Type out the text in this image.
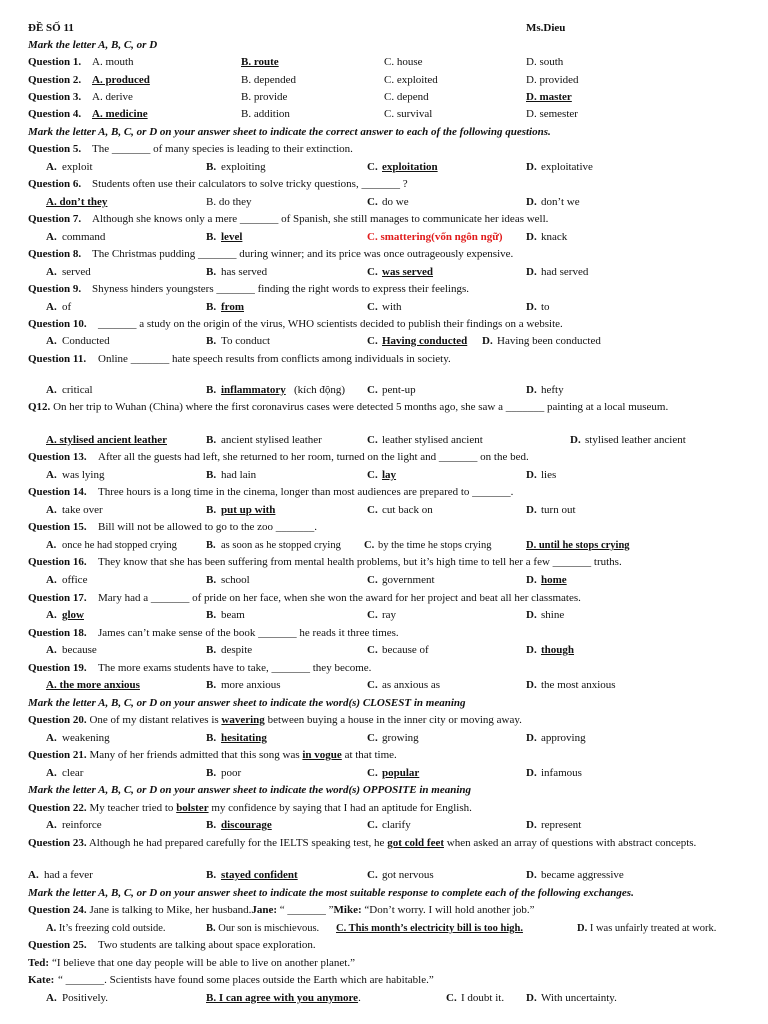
ĐỀ SỐ 11	Ms.Dieu
Mark the letter A, B, C, or D
Question 1. A. mouth	B. route	C. house	D. south
Question 2. A. produced	B. depended	C. exploited	D. provided
Question 3. A. derive	B. provide	C. depend	D. master
Question 4. A. medicine	B. addition	C. survival	D. semester
Mark the letter A, B, C, or D on your answer sheet to indicate the correct answer to each of the following questions.
Question 5. The _______ of many species is leading to their extinction.
A. exploit	B. exploiting	C. exploitation	D. exploitative
Question 6. Students often use their calculators to solve tricky questions, _______ ?
A. don’t they	B. do they	C. do we	D. don’t we
Question 7. Although she knows only a mere _______ of Spanish, she still manages to communicate her ideas well.
A. command	B. level	C. smattering(vốn ngôn ngữ) D. knack
Question 8. The Christmas pudding _______ during winner; and its price was once outrageously expensive.
A. served	B. has served	C. was served	D. had served
Question 9. Shyness hinders youngsters _______ finding the right words to express their feelings.
A. of	B. from	C. with	D. to
Question 10. _______ a study on the origin of the virus, WHO scientists decided to publish their findings on a website.
A. Conducted	B. To conduct	C. Having conducted D. Having been conducted
Question 11. Online _______ hate speech results from conflicts among individuals in society.
A. critical	B. inflammatory (kích động) C. pent-up	D. hefty
Q12. On her trip to Wuhan (China) where the first coronavirus cases were detected 5 months ago, she saw a _______ painting at a local museum.
A. stylised ancient leather	B. ancient stylised leather	C. leather stylised ancient	D. stylised leather ancient
Question 13. After all the guests had left, she returned to her room, turned on the light and _______ on the bed.
A. was lying	B. had lain	C. lay	D. lies
Question 14. Three hours is a long time in the cinema, longer than most audiences are prepared to _______.
A. take over	B. put up with	C. cut back on	D. turn out
Question 15. Bill will not be allowed to go to the zoo _______.
A. once he had stopped crying	B. as soon as he stopped crying C. by the time he stops crying	D. until he stops crying
Question 16. They know that she has been suffering from mental health problems, but it’s high time to tell her a few _______ truths.
A. office	B. school	C. government	D. home
Question 17. Mary had a _______ of pride on her face, when she won the award for her project and beat all her classmates.
A. glow	B. beam	C. ray	D. shine
Question 18. James can’t make sense of the book _______ he reads it three times.
A. because	B. despite	C. because of	D. though
Question 19. The more exams students have to take, _______ they become.
A. the more anxious	B. more anxious	C. as anxious as	D. the most anxious
Mark the letter A, B, C, or D on your answer sheet to indicate the word(s) CLOSEST in meaning
Question 20. One of my distant relatives is wavering between buying a house in the inner city or moving away.
A. weakening	B. hesitating	C. growing	D. approving
Question 21. Many of her friends admitted that this song was in vogue at that time.
A. clear	B. poor	C. popular	D. infamous
Mark the letter A, B, C, or D on your answer sheet to indicate the word(s) OPPOSITE in meaning
Question 22. My teacher tried to bolster my confidence by saying that I had an aptitude for English.
A. reinforce	B. discourage	C. clarify	D. represent
Question 23. Although he had prepared carefully for the IELTS speaking test, he got cold feet when asked an array of questions with abstract concepts.
A. had a fever	B. stayed confident	C. got nervous	D. became aggressive
Mark the letter A, B, C, or D on your answer sheet to indicate the most suitable response to complete each of the following exchanges.
Question 24. Jane is talking to Mike, her husband.Jane: “ _______ ”Mike: “Don’t worry. I will hold another job.”
A. It’s freezing cold outside.	B. Our son is mischievous. C. This month’s electricity bill is too high.	D. I was unfairly treated at work.
Question 25. Two students are talking about space exploration.
Ted: “I believe that one day people will be able to live on another planet.”
Kate: “ _______. Scientists have found some places outside the Earth which are habitable.”
A. Positively.	B. I can agree with you anymore.	C. I doubt it. D. With uncertainty.
